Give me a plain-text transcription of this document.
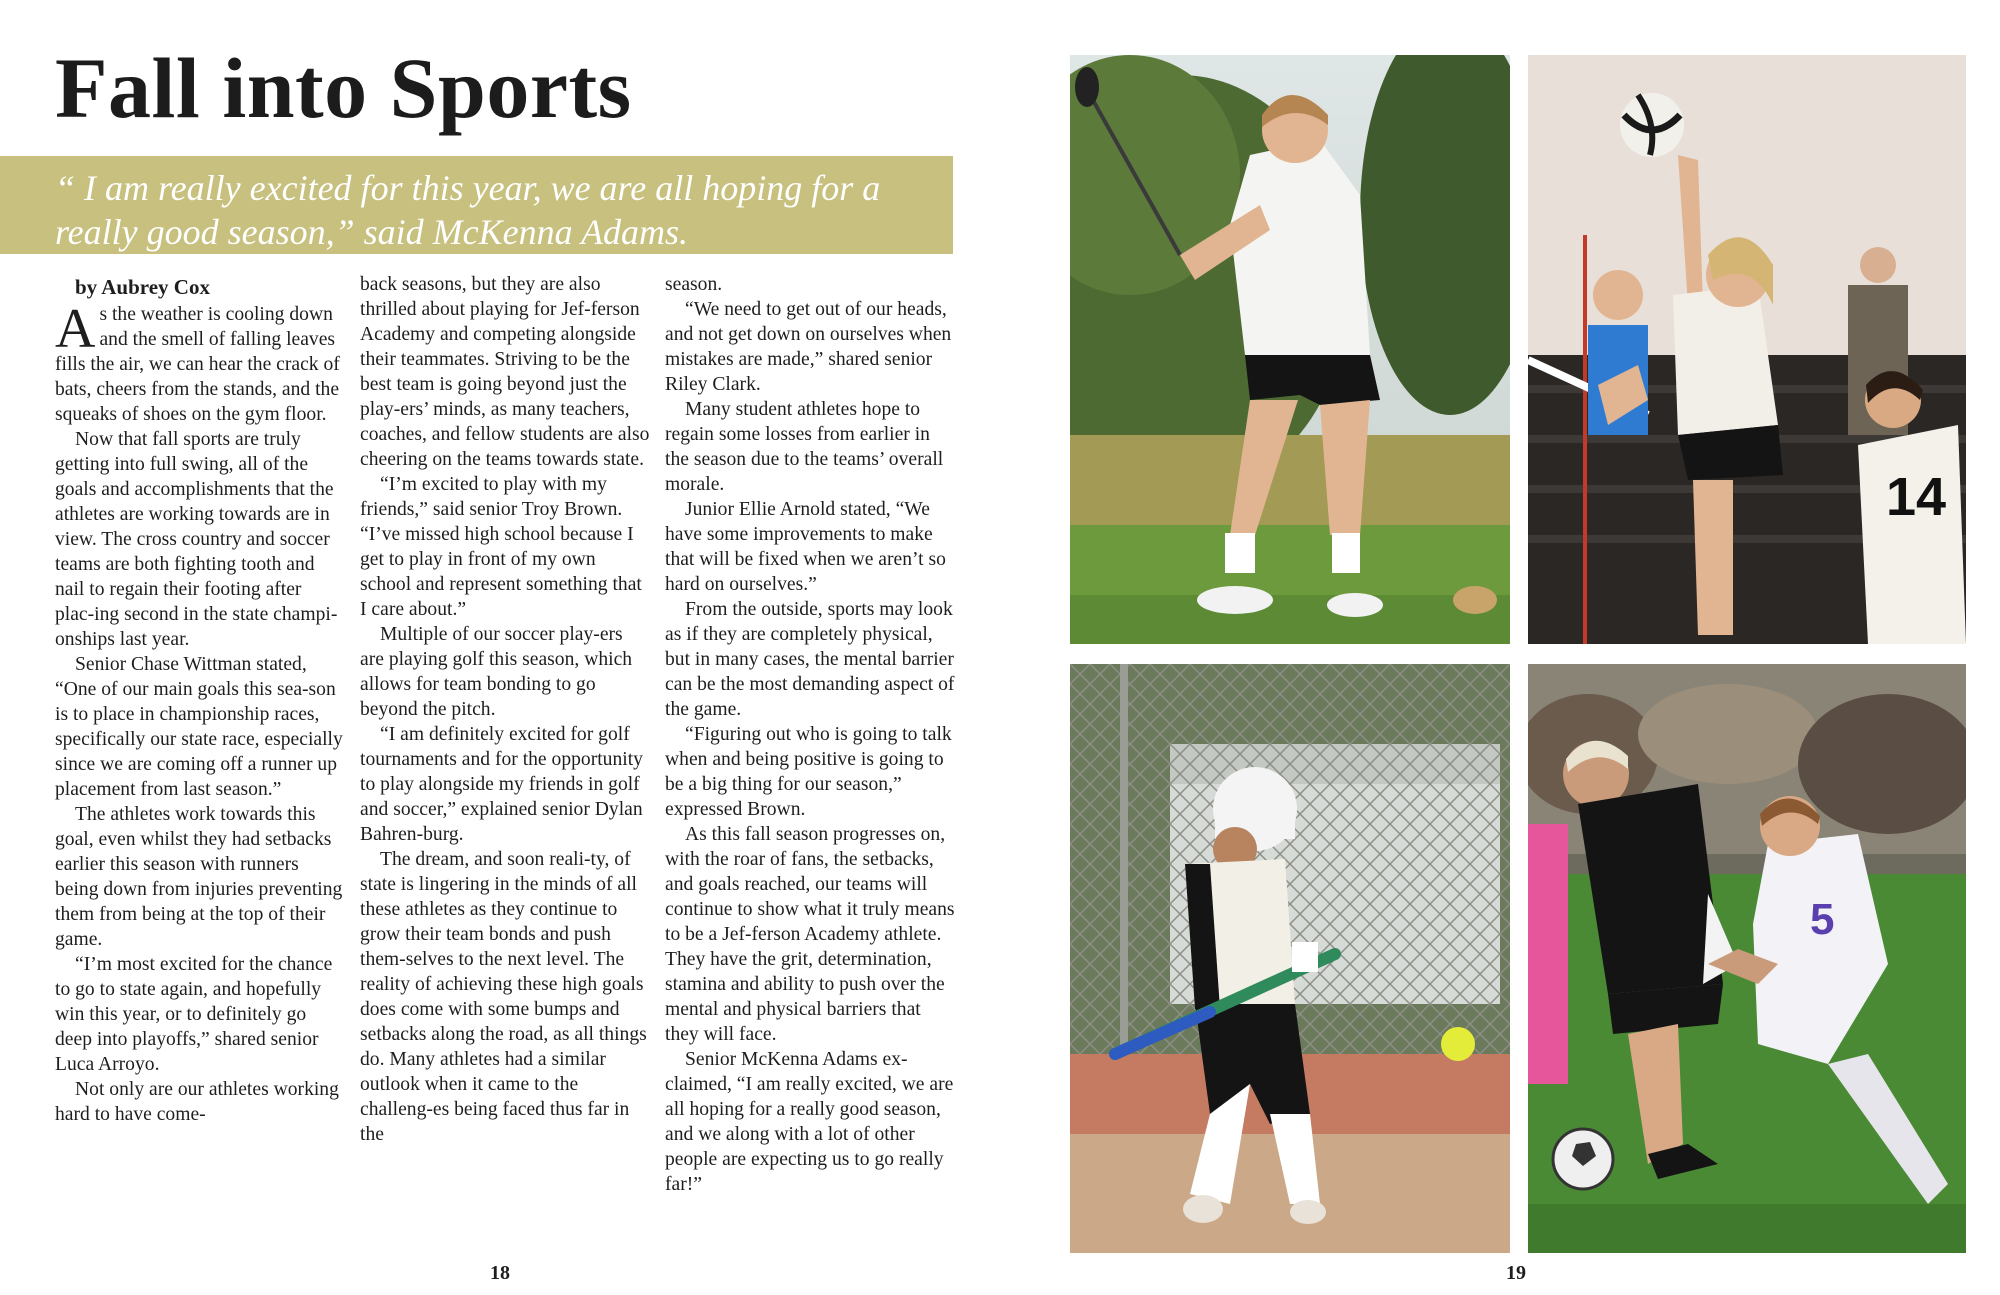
Fall into Sports
“ I am really excited for this year, we are all hoping for a really good season,” said McKenna Adams.

by Aubrey Cox

As the weather is cooling down and the smell of falling leaves fills the air, we can hear the crack of bats, cheers from the stands, and the squeaks of shoes on the gym floor.

Now that fall sports are truly getting into full swing, all of the goals and accomplishments that the athletes are working towards are in view. The cross country and soccer teams are both fighting tooth and nail to regain their footing after plac-ing second in the state champi-onships last year.

Senior Chase Wittman stated, “One of our main goals this sea-son is to place in championship races, specifically our state race, especially since we are coming off a runner up placement from last season.”

The athletes work towards this goal, even whilst they had setbacks earlier this season with runners being down from injuries preventing them from being at the top of their game.

“I’m most excited for the chance to go to state again, and hopefully win this year, or to definitely go deep into playoffs,” shared senior Luca Arroyo.

Not only are our athletes working hard to have come-

back seasons, but they are also thrilled about playing for Jef-ferson Academy and competing alongside their teammates. Striving to be the best team is going beyond just the play-ers’ minds, as many teachers, coaches, and fellow students are also cheering on the teams towards state.

“I’m excited to play with my friends,” said senior Troy Brown. “I’ve missed high school because I get to play in front of my own school and represent something that I care about.”

Multiple of our soccer play-ers are playing golf this season, which allows for team bonding to go beyond the pitch.

“I am definitely excited for golf tournaments and for the opportunity to play alongside my friends in golf and soccer,” explained senior Dylan Bahren-burg.

The dream, and soon reali-ty, of state is lingering in the minds of all these athletes as they continue to grow their team bonds and push them-selves to the next level. The reality of achieving these high goals does come with some bumps and setbacks along the road, as all things do. Many athletes had a similar outlook when it came to the challeng-es being faced thus far in the

season.

“We need to get out of our heads, and not get down on ourselves when mistakes are made,” shared senior Riley Clark.

Many student athletes hope to regain some losses from earlier in the season due to the teams’ overall morale.

Junior Ellie Arnold stated, “We have some improvements to make that will be fixed when we aren’t so hard on ourselves.”

From the outside, sports may look as if they are completely physical, but in many cases, the mental barrier can be the most demanding aspect of the game.

“Figuring out who is going to talk when and being positive is going to be a big thing for our season,” expressed Brown.

As this fall season progresses on, with the roar of fans, the setbacks, and goals reached, our teams will continue to show what it truly means to be a Jef-ferson Academy athlete. They have the grit, determination, stamina and ability to push over the mental and physical barriers that they will face.

Senior McKenna Adams ex-claimed, “I am really excited, we are all hoping for a really good season, and we along with a lot of other people are expecting us to go really far!”

18	19
14
5
